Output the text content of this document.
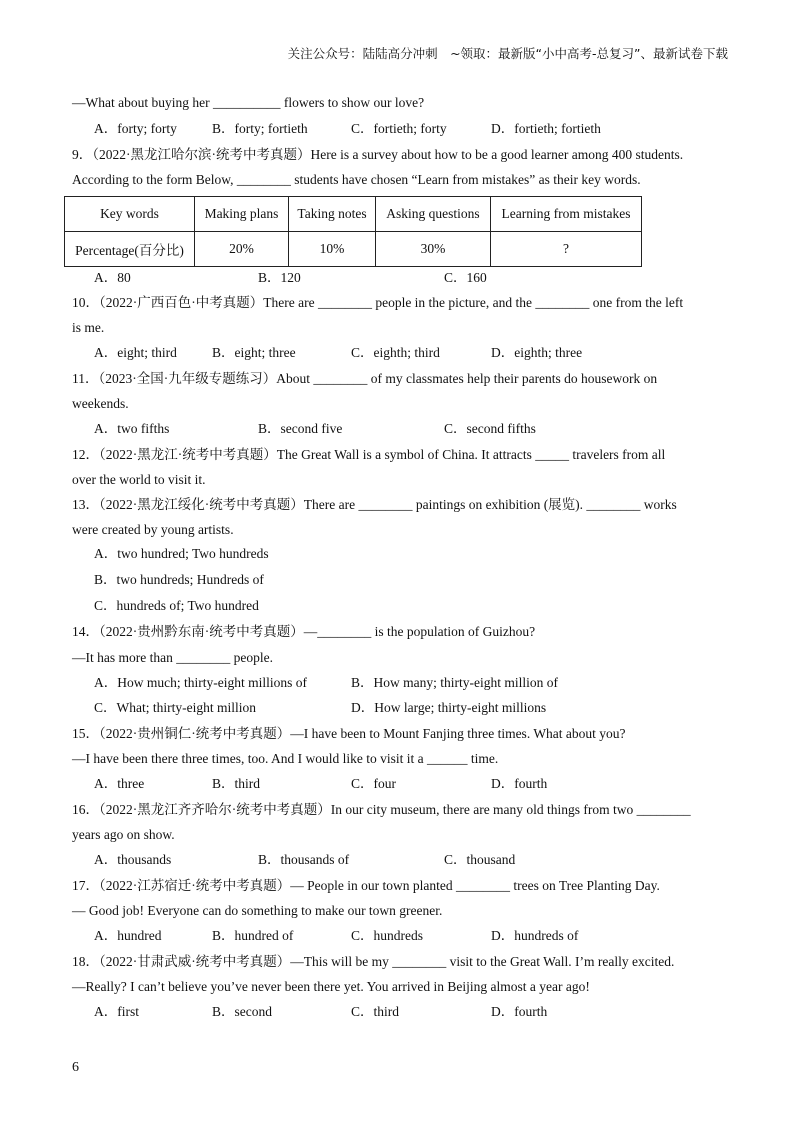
关注公众号：陆陆高分冲刺　~领取：最新版“小中高考-总复习”、最新试卷下载
—What about buying her __________ flowers to show our love?
A．forty; forty	B．forty; fortieth	C．fortieth; forty	D．fortieth; fortieth
9．（2022·黑龙江哈尔滨·统考中考真题）Here is a survey about how to be a good learner among 400 students.
According to the form Below, ________ students have chosen “Learn from mistakes” as their key words.
Key words	Making plans	Taking notes	Asking questions	Learning from mistakes
Percentage(百分比)	20%	10%	30%	?
A．80	B．120	C．160
10．（2022·广西百色·中考真题）There are ________ people in the picture, and the ________ one from the left
is me.
A．eight; third	B．eight; three	C．eighth; third	D．eighth; three
11．（2023·全国·九年级专题练习）About ________ of my classmates help their parents do housework on
weekends.
A．two fifths	B．second five	C．second fifths
12．（2022·黑龙江·统考中考真题）The Great Wall is a symbol of China. It attracts _____ travelers from all
over the world to visit it.
13．（2022·黑龙江绥化·统考中考真题）There are ________ paintings on exhibition (展览). ________ works
were created by young artists.
A．two hundred; Two hundreds
B．two hundreds; Hundreds of
C．hundreds of; Two hundred
14．（2022·贵州黔东南·统考中考真题）—________ is the population of Guizhou?
—It has more than ________ people.
A．How much; thirty-eight millions of	B．How many; thirty-eight million of
C．What; thirty-eight million	D．How large; thirty-eight millions
15．（2022·贵州铜仁·统考中考真题）—I have been to Mount Fanjing three times. What about you?
—I have been there three times, too. And I would like to visit it a ______ time.
A．three	B．third	C．four	D．fourth
16．（2022·黑龙江齐齐哈尔·统考中考真题）In our city museum, there are many old things from two ________
years ago on show.
A．thousands	B．thousands of	C．thousand
17．（2022·江苏宿迁·统考中考真题）— People in our town planted ________ trees on Tree Planting Day.
— Good job! Everyone can do something to make our town greener.
A．hundred	B．hundred of	C．hundreds	D．hundreds of
18．（2022·甘肃武威·统考中考真题）—This will be my ________ visit to the Great Wall. I’m really excited.
—Really? I can’t believe you’ve never been there yet. You arrived in Beijing almost a year ago!
A．first	B．second	C．third	D．fourth
6
